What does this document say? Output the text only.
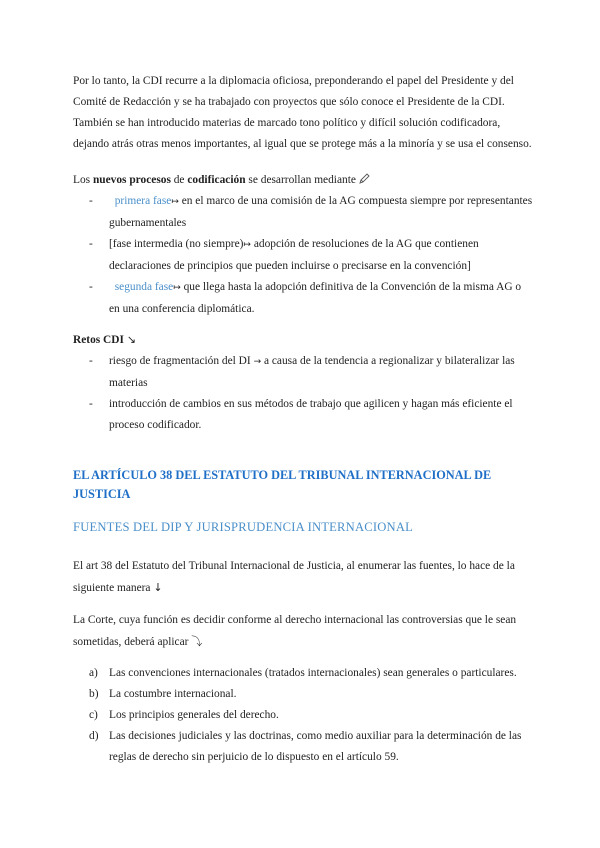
Por lo tanto, la CDI recurre a la diplomacia oficiosa, preponderando el papel del Presidente y del Comité de Redacción y se ha trabajado con proyectos que sólo conoce el Presidente de la CDI. También se han introducido materias de marcado tono político y difícil solución codificadora, dejando atrás otras menos importantes, al igual que se protege más a la minoría y se usa el consenso.

Los nuevos procesos de codificación se desarrollan mediante

- primera fase↦ en el marco de una comisión de la AG compuesta siempre por representantes gubernamentales
- [fase intermedia (no siempre)↦ adopción de resoluciones de la AG que contienen declaraciones de principios que pueden incluirse o precisarse en la convención]
- segunda fase↦ que llega hasta la adopción definitiva de la Convención de la misma AG o en una conferencia diplomática.

Retos CDI ↘

- riesgo de fragmentación del DI → a causa de la tendencia a regionalizar y bilateralizar las materias
- introducción de cambios en sus métodos de trabajo que agilicen y hagan más eficiente el proceso codificador.

EL ARTÍCULO 38 DEL ESTATUTO DEL TRIBUNAL INTERNACIONAL DE JUSTICIA

FUENTES DEL DIP Y JURISPRUDENCIA INTERNACIONAL

El art 38 del Estatuto del Tribunal Internacional de Justicia, al enumerar las fuentes, lo hace de la siguiente manera ↓

La Corte, cuya función es decidir conforme al derecho internacional las controversias que le sean sometidas, deberá aplicar ⤵

a) Las convenciones internacionales (tratados internacionales) sean generales o particulares.
b) La costumbre internacional.
c) Los principios generales del derecho.
d) Las decisiones judiciales y las doctrinas, como medio auxiliar para la determinación de las reglas de derecho sin perjuicio de lo dispuesto en el artículo 59.
